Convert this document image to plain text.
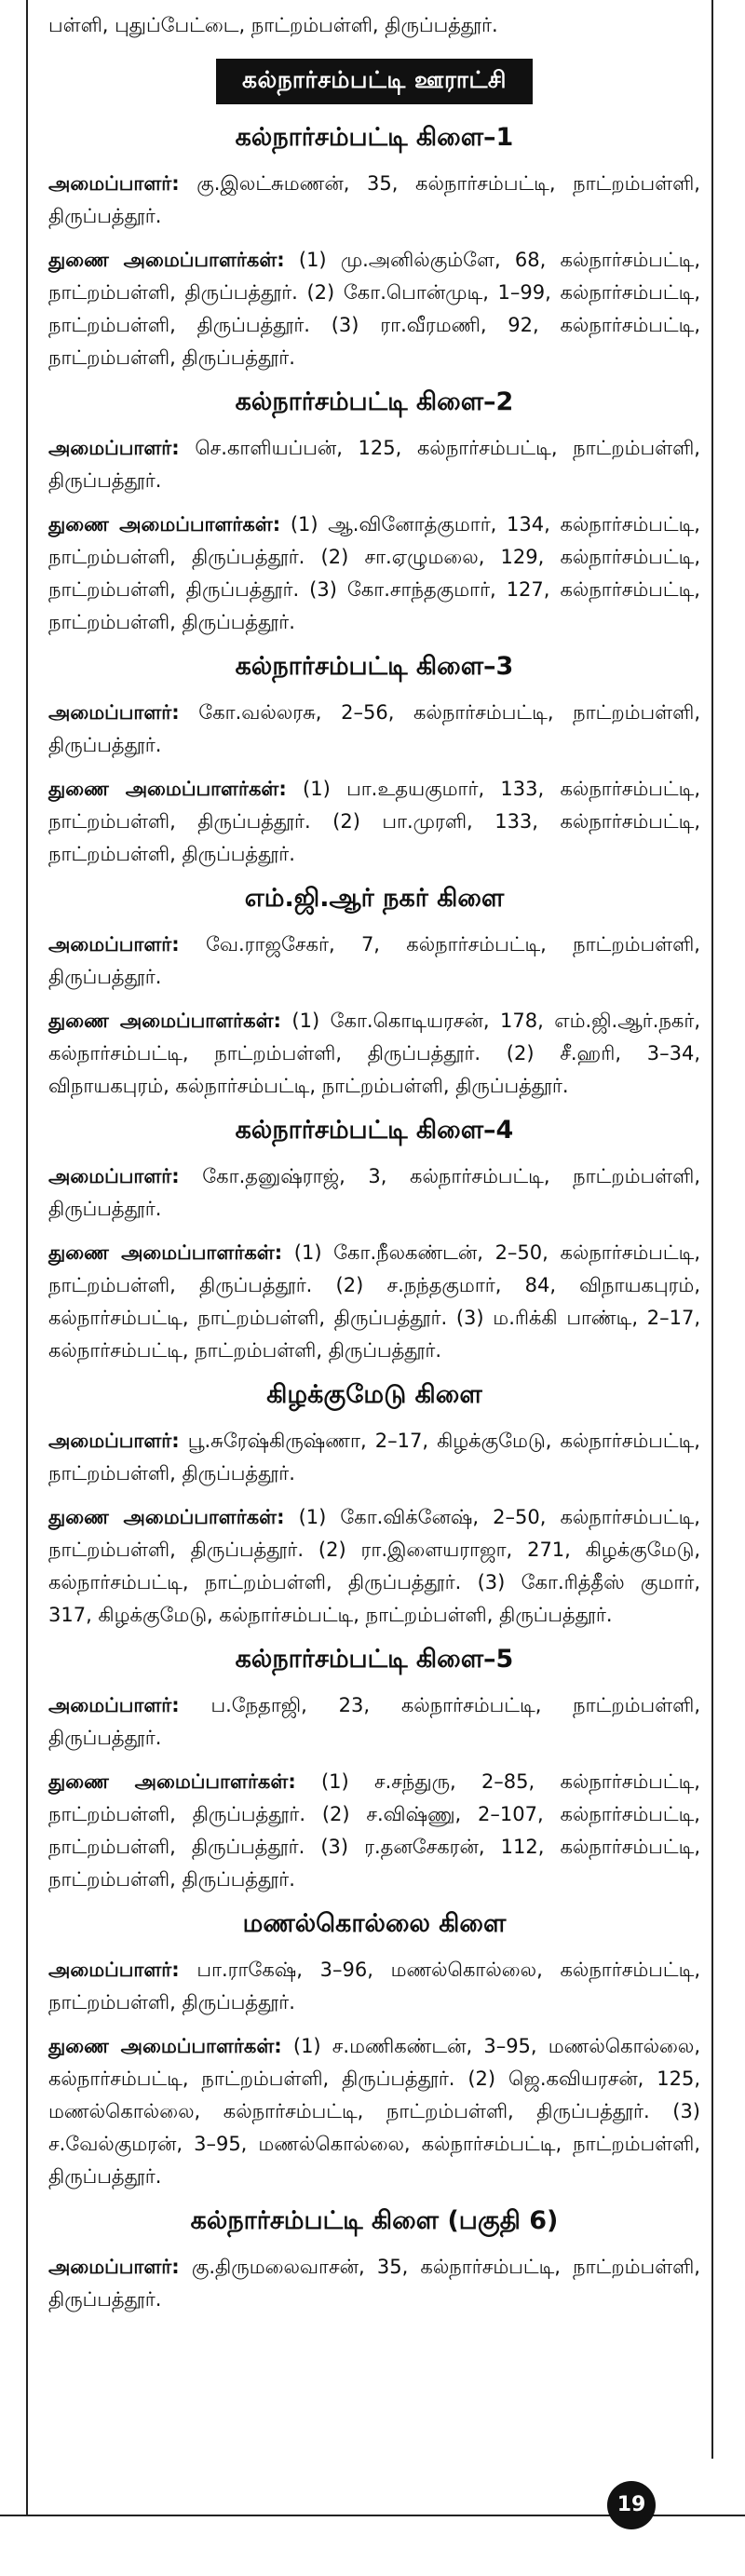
பள்ளி, புதுப்பேட்டை, நாட்றம்பள்ளி, திருப்பத்தூர்.

கல்நார்சம்பட்டி ஊராட்சி
கல்நார்சம்பட்டி கிளை–1

அமைப்பாளர்: கு.இலட்சுமணன், 35, கல்நார்சம்பட்டி, நாட்றம்பள்ளி, திருப்பத்தூர்.

துணை அமைப்பாளர்கள்: (1) மு.அனில்கும்ளே, 68, கல்நார்சம்பட்டி, நாட்றம்பள்ளி, திருப்பத்தூர். (2) கோ.பொன்முடி, 1–99, கல்நார்சம்பட்டி, நாட்றம்பள்ளி, திருப்பத்தூர். (3) ரா.வீரமணி, 92, கல்நார்சம்பட்டி, நாட்றம்பள்ளி, திருப்பத்தூர்.

கல்நார்சம்பட்டி கிளை–2

அமைப்பாளர்: செ.காளியப்பன், 125, கல்நார்சம்பட்டி, நாட்றம்பள்ளி, திருப்பத்தூர்.

துணை அமைப்பாளர்கள்: (1) ஆ.வினோத்குமார், 134, கல்நார்சம்பட்டி, நாட்றம்பள்ளி, திருப்பத்தூர். (2) சா.ஏழுமலை, 129, கல்நார்சம்பட்டி, நாட்றம்பள்ளி, திருப்பத்தூர். (3) கோ.சாந்தகுமார், 127, கல்நார்சம்பட்டி, நாட்றம்பள்ளி, திருப்பத்தூர்.

கல்நார்சம்பட்டி கிளை–3

அமைப்பாளர்: கோ.வல்லரசு, 2–56, கல்நார்சம்பட்டி, நாட்றம்பள்ளி, திருப்பத்தூர்.

துணை அமைப்பாளர்கள்: (1) பா.உதயகுமார், 133, கல்நார்சம்பட்டி, நாட்றம்பள்ளி, திருப்பத்தூர். (2) பா.முரளி, 133, கல்நார்சம்பட்டி, நாட்றம்பள்ளி, திருப்பத்தூர்.

எம்.ஜி.ஆர் நகர் கிளை

அமைப்பாளர்: வே.ராஜசேகர், 7, கல்நார்சம்பட்டி, நாட்றம்பள்ளி, திருப்பத்தூர்.

துணை அமைப்பாளர்கள்: (1) கோ.கொடியரசன், 178, எம்.ஜி.ஆர்.நகர், கல்நார்சம்பட்டி, நாட்றம்பள்ளி, திருப்பத்தூர். (2) சீ.ஹரி, 3–34, விநாயகபுரம், கல்நார்சம்பட்டி, நாட்றம்பள்ளி, திருப்பத்தூர்.

கல்நார்சம்பட்டி கிளை–4

அமைப்பாளர்: கோ.தனுஷ்ராஜ், 3, கல்நார்சம்பட்டி, நாட்றம்பள்ளி, திருப்பத்தூர்.

துணை அமைப்பாளர்கள்: (1) கோ.நீலகண்டன், 2–50, கல்நார்சம்பட்டி, நாட்றம்பள்ளி, திருப்பத்தூர். (2) ச.நந்தகுமார், 84, விநாயகபுரம், கல்நார்சம்பட்டி, நாட்றம்பள்ளி, திருப்பத்தூர். (3) ம.ரிக்கி பாண்டி, 2–17, கல்நார்சம்பட்டி, நாட்றம்பள்ளி, திருப்பத்தூர்.

கிழக்குமேடு கிளை

அமைப்பாளர்: பூ.சுரேஷ்கிருஷ்ணா, 2–17, கிழக்குமேடு, கல்நார்சம்பட்டி, நாட்றம்பள்ளி, திருப்பத்தூர்.

துணை அமைப்பாளர்கள்: (1) கோ.விக்னேஷ், 2–50, கல்நார்சம்பட்டி, நாட்றம்பள்ளி, திருப்பத்தூர். (2) ரா.இளையராஜா, 271, கிழக்குமேடு, கல்நார்சம்பட்டி, நாட்றம்பள்ளி, திருப்பத்தூர். (3) கோ.ரித்தீஸ் குமார், 317, கிழக்குமேடு, கல்நார்சம்பட்டி, நாட்றம்பள்ளி, திருப்பத்தூர்.

கல்நார்சம்பட்டி கிளை–5

அமைப்பாளர்: ப.நேதாஜி, 23, கல்நார்சம்பட்டி, நாட்றம்பள்ளி, திருப்பத்தூர்.

துணை அமைப்பாளர்கள்: (1) ச.சந்துரு, 2–85, கல்நார்சம்பட்டி, நாட்றம்பள்ளி, திருப்பத்தூர். (2) ச.விஷ்ணு, 2–107, கல்நார்சம்பட்டி, நாட்றம்பள்ளி, திருப்பத்தூர். (3) ர.தனசேகரன், 112, கல்நார்சம்பட்டி, நாட்றம்பள்ளி, திருப்பத்தூர்.

மணல்கொல்லை கிளை

அமைப்பாளர்: பா.ராகேஷ், 3–96, மணல்கொல்லை, கல்நார்சம்பட்டி, நாட்றம்பள்ளி, திருப்பத்தூர்.

துணை அமைப்பாளர்கள்: (1) ச.மணிகண்டன், 3–95, மணல்கொல்லை, கல்நார்சம்பட்டி, நாட்றம்பள்ளி, திருப்பத்தூர். (2) ஜெ.கவியரசன், 125, மணல்கொல்லை, கல்நார்சம்பட்டி, நாட்றம்பள்ளி, திருப்பத்தூர். (3) ச.வேல்குமரன், 3–95, மணல்கொல்லை, கல்நார்சம்பட்டி, நாட்றம்பள்ளி, திருப்பத்தூர்.

கல்நார்சம்பட்டி கிளை (பகுதி 6)

அமைப்பாளர்: கு.திருமலைவாசன், 35, கல்நார்சம்பட்டி, நாட்றம்பள்ளி, திருப்பத்தூர்.

19
